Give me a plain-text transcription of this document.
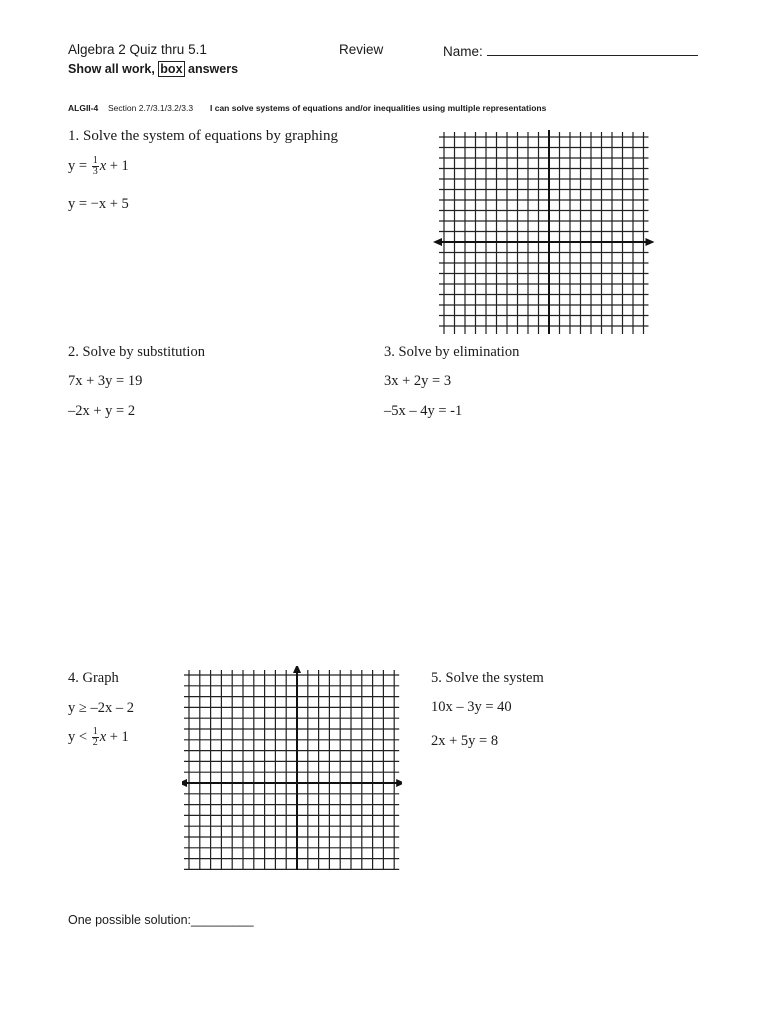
Algebra 2 Quiz thru 5.1	Review	Name:
Show all work, box answers
ALGII-4 Section 2.7/3.1/3.2/3.3 I can solve systems of equations and/or inequalities using multiple representations
1. Solve the system of equations by graphing
$y = \frac{1}{3}$ x + 1
y = −x + 5
2. Solve by substitution
7x + 3y = 19
–2x + y = 2
3. Solve by elimination
3x + 2y = 3
–5x – 4y = -1
4. Graph
y ≥ –2x – 2
$y < \frac{1}{2}$ x + 1
5. Solve the system
10x – 3y = 40
2x + 5y = 8
One possible solution:_________
